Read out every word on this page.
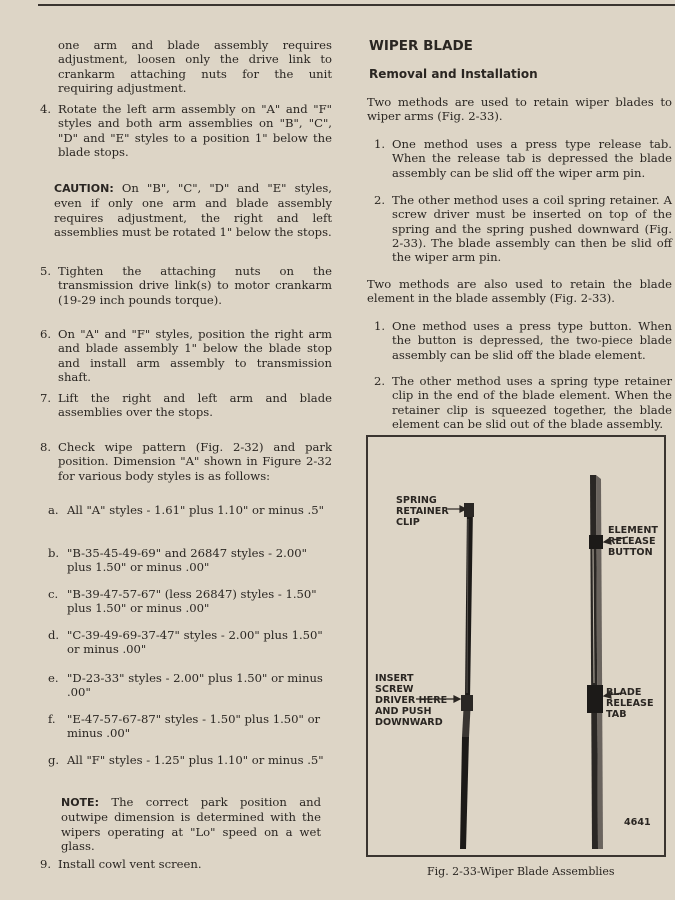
one arm and blade assembly requires adjustment, loosen only the drive link to crankarm attaching nuts for the unit requiring adjustment.

4. Rotate the left arm assembly on "A" and "F" styles and both arm assemblies on "B", "C", "D" and "E" styles to a position 1" below the blade stops.

CAUTION: On "B", "C", "D" and "E" styles, even if only one arm and blade assembly requires adjustment, the right and left assemblies must be rotated 1" below the stops.

5. Tighten the attaching nuts on the transmission drive link(s) to motor crankarm (19-29 inch pounds torque).
6. On "A" and "F" styles, position the right arm and blade assembly 1" below the blade stop and install arm assembly to transmission shaft.
7. Lift the right and left arm and blade assemblies over the stops.
8. Check wipe pattern (Fig. 2-32) and park position. Dimension "A" shown in Figure 2-32 for various body styles is as follows:
a. All "A" styles - 1.61" plus 1.10" or minus .5"
b. "B-35-45-49-69" and 26847 styles - 2.00" plus 1.50" or minus .00"
c. "B-39-47-57-67" (less 26847) styles - 1.50" plus 1.50" or minus .00"
d. "C-39-49-69-37-47" styles - 2.00" plus 1.50" or minus .00"
e. "D-23-33" styles - 2.00" plus 1.50" or minus .00"
f. "E-47-57-67-87" styles - 1.50" plus 1.50" or minus .00"
g. All "F" styles - 1.25" plus 1.10" or minus .5"

NOTE: The correct park position and outwipe dimension is determined with the wipers operating at "Lo" speed on a wet glass.

9. Install cowl vent screen.
WIPER BLADE
Removal and Installation

Two methods are used to retain wiper blades to wiper arms (Fig. 2-33).

1. One method uses a press type release tab. When the release tab is depressed the blade assembly can be slid off the wiper arm pin.
2. The other method uses a coil spring retainer. A screw driver must be inserted on top of the spring and the spring pushed downward (Fig. 2-33). The blade assembly can then be slid off the wiper arm pin.

Two methods are also used to retain the blade element in the blade assembly (Fig. 2-33).

1. One method uses a press type button. When the button is depressed, the two-piece blade assembly can be slid off the blade element.
2. The other method uses a spring type retainer clip in the end of the blade element. When the retainer clip is squeezed together, the blade element can be slid out of the blade assembly.

SPRING RETAINER CLIP

ELEMENT RELEASE BUTTON

INSERT SCREW DRIVER HERE AND PUSH DOWNWARD

BLADE RELEASE TAB

4641

Fig. 2-33-Wiper Blade Assemblies
